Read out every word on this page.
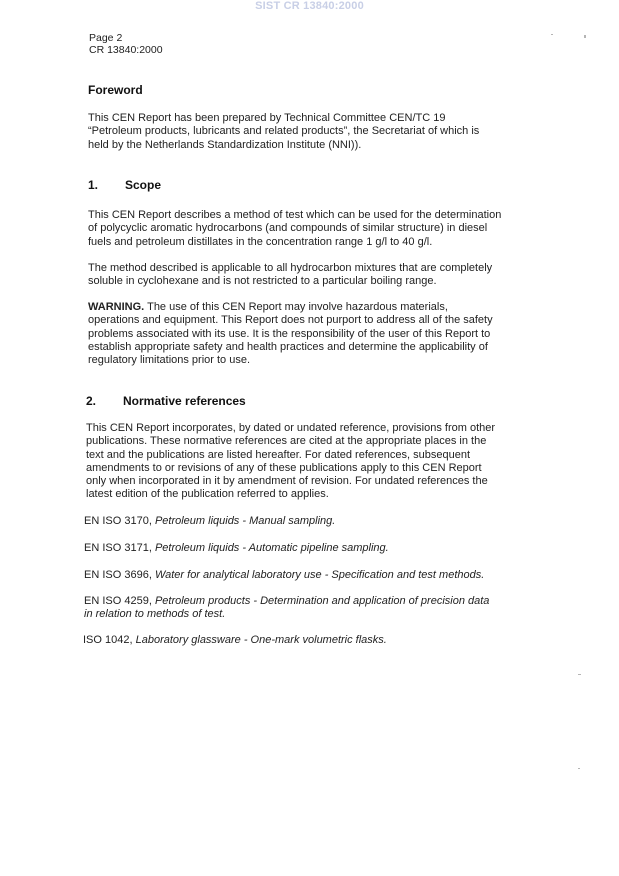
SIST CR 13840:2000
Page 2
CR 13840:2000
Foreword

This CEN Report has been prepared by Technical Committee CEN/TC 19

“Petroleum products, lubricants and related products”, the Secretariat of which is

held by the Netherlands Standardization Institute (NNI)).

1. Scope

This CEN Report describes a method of test which can be used for the determination

of polycyclic aromatic hydrocarbons (and compounds of similar structure) in diesel

fuels and petroleum distillates in the concentration range 1 g/l to 40 g/l.

The method described is applicable to all hydrocarbon mixtures that are completely

soluble in cyclohexane and is not restricted to a particular boiling range.

WARNING. The use of this CEN Report may involve hazardous materials,

operations and equipment. This Report does not purport to address all of the safety

problems associated with its use. It is the responsibility of the user of this Report to

establish appropriate safety and health practices and determine the applicability of

regulatory limitations prior to use.

2. Normative references

This CEN Report incorporates, by dated or undated reference, provisions from other

publications. These normative references are cited at the appropriate places in the

text and the publications are listed hereafter. For dated references, subsequent

amendments to or revisions of any of these publications apply to this CEN Report

only when incorporated in it by amendment of revision. For undated references the

latest edition of the publication referred to applies.

EN ISO 3170, Petroleum liquids - Manual sampling.
EN ISO 3171, Petroleum liquids - Automatic pipeline sampling.
EN ISO 3696, Water for analytical laboratory use - Specification and test methods.
EN ISO 4259, Petroleum products - Determination and application of precision data
in relation to methods of test.
ISO 1042, Laboratory glassware - One-mark volumetric flasks.
